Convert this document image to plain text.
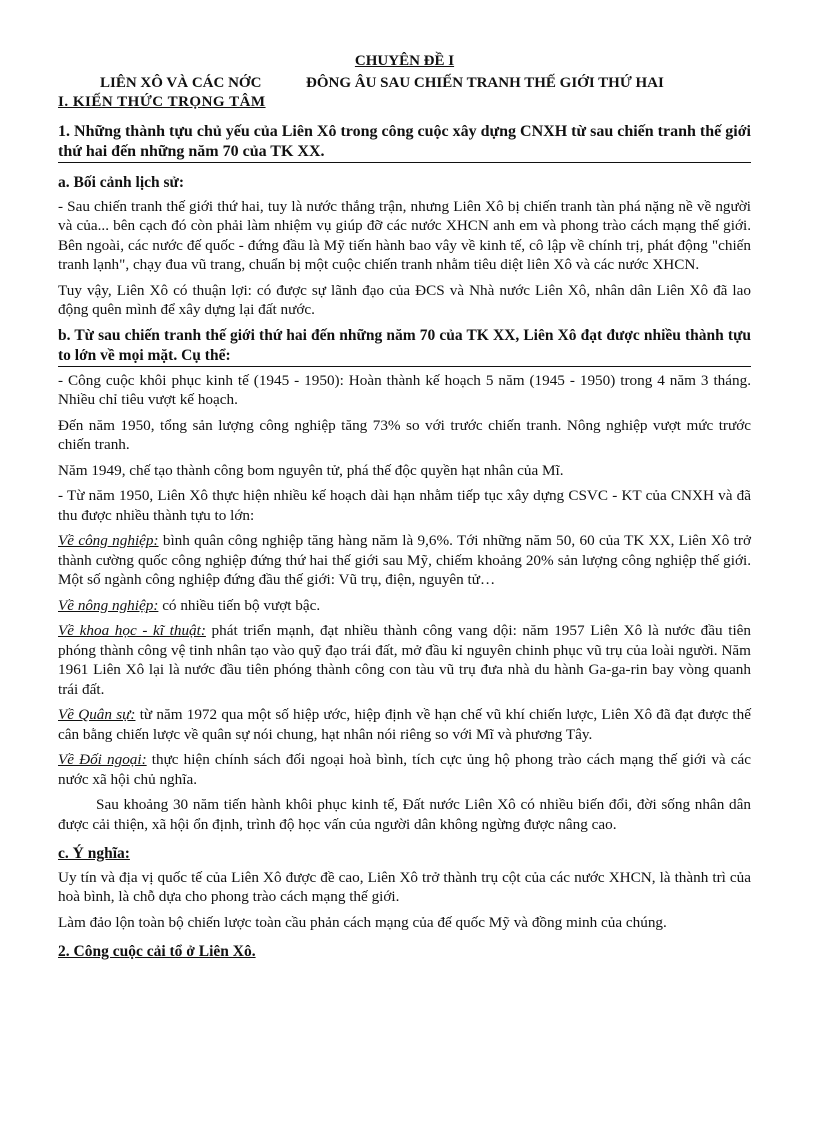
CHUYÊN ĐỀ I

LIÊN XÔ VÀ CÁC NỚC	ĐÔNG ÂU SAU CHIẾN TRANH THẾ GIỚI THỨ HAI

I. KIẾN THỨC TRỌNG TÂM

1. Những thành tựu chủ yếu của Liên Xô trong công cuộc xây dựng CNXH từ sau chiến tranh thế giới thứ hai đến những năm 70 của TK XX.

a. Bối cảnh lịch sử:

- Sau chiến tranh thế giới thứ hai, tuy là nước thắng trận, nhưng Liên Xô bị chiến tranh tàn phá nặng nề về người và của... bên cạch đó còn phải làm nhiệm vụ giúp đỡ các nước XHCN anh em và phong trào cách mạng thế giới. Bên ngoài, các nước đế quốc - đứng đầu là Mỹ tiến hành bao vây về kinh tế, cô lập về chính trị, phát động "chiến tranh lạnh", chạy đua vũ trang, chuẩn bị một cuộc chiến tranh nhằm tiêu diệt liên Xô và các nước XHCN.

Tuy vậy, Liên Xô có thuận lợi: có được sự lãnh đạo của ĐCS và Nhà nước Liên Xô, nhân dân Liên Xô đã lao động quên mình để xây dựng lại đất nước.

b. Từ sau chiến tranh thế giới thứ hai đến những năm 70 của TK XX, Liên Xô đạt được nhiều thành tựu to lớn về mọi mặt. Cụ thể:

- Công cuộc khôi phục kinh tế (1945 - 1950): Hoàn thành kế hoạch 5 năm (1945 - 1950) trong 4 năm 3 tháng. Nhiều chỉ tiêu vượt kế hoạch.

Đến năm 1950, tổng sản lượng công nghiệp tăng 73% so với trước chiến tranh. Nông nghiệp vượt mức trước chiến tranh.

Năm 1949, chế tạo thành công bom nguyên tử, phá thế độc quyền hạt nhân của Mĩ.

- Từ năm 1950, Liên Xô thực hiện nhiều kế hoạch dài hạn nhằm tiếp tục xây dựng CSVC - KT của CNXH và đã thu được nhiều thành tựu to lớn:

Về công nghiệp: bình quân công nghiệp tăng hàng năm là 9,6%. Tới những năm 50, 60 của TK XX, Liên Xô trở thành cường quốc công nghiệp đứng thứ hai thế giới sau Mỹ, chiếm khoảng 20% sản lượng công nghiệp thế giới. Một số ngành công nghiệp đứng đầu thế giới: Vũ trụ, điện, nguyên tử…

Về nông nghiệp: có nhiều tiến bộ vượt bậc.

Về khoa học - kĩ thuật: phát triển mạnh, đạt nhiều thành công vang dội: năm 1957 Liên Xô là nước đầu tiên phóng thành công vệ tinh nhân tạo vào quỹ đạo trái đất, mở đầu kỉ nguyên chinh phục vũ trụ của loài người. Năm 1961 Liên Xô lại là nước đầu tiên phóng thành công con tàu vũ trụ đưa nhà du hành Ga-ga-rin bay vòng quanh trái đất.

Về Quân sự: từ năm 1972 qua một số hiệp ước, hiệp định về hạn chế vũ khí chiến lược, Liên Xô đã đạt được thế cân bằng chiến lược về quân sự nói chung, hạt nhân nói riêng so với Mĩ và phương Tây.

Về Đối ngoại: thực hiện chính sách đối ngoại hoà bình, tích cực ủng hộ phong trào cách mạng thế giới và các nước xã hội chủ nghĩa.

Sau khoảng 30 năm tiến hành khôi phục kinh tế, Đất nước Liên Xô có nhiều biến đổi, đời sống nhân dân được cải thiện, xã hội ổn định, trình độ học vấn của người dân không ngừng được nâng cao.

c. Ý nghĩa:

Uy tín và địa vị quốc tế của Liên Xô được đề cao, Liên Xô trở thành trụ cột của các nước XHCN, là thành trì của hoà bình, là chỗ dựa cho phong trào cách mạng thế giới.

Làm đảo lộn toàn bộ chiến lược toàn cầu phản cách mạng của đế quốc Mỹ và đồng minh của chúng.

2. Công cuộc cải tổ ở Liên Xô.
